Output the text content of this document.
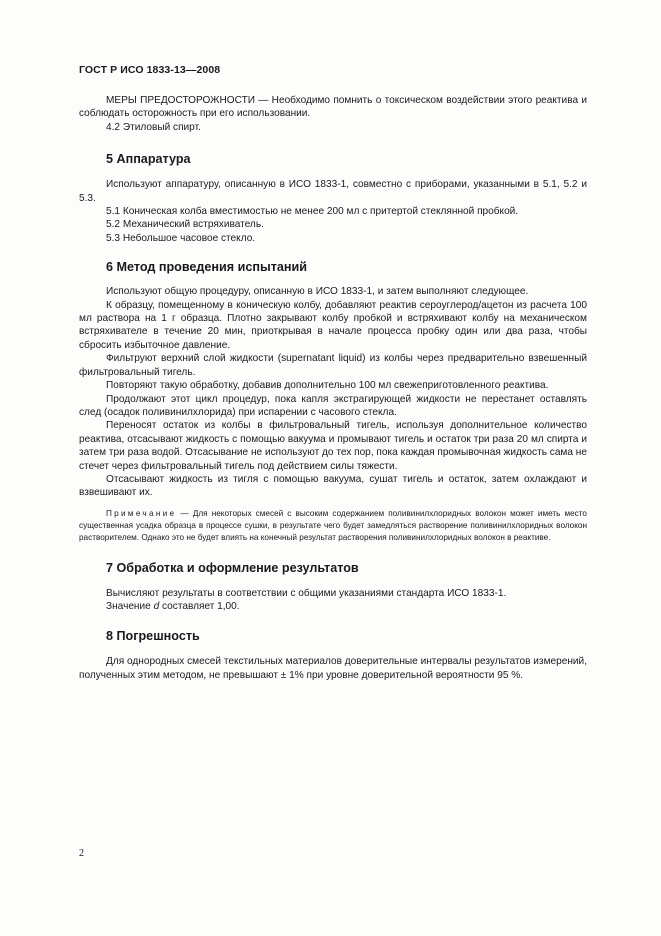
ГОСТ Р ИСО 1833-13—2008

МЕРЫ ПРЕДОСТОРОЖНОСТИ — Необходимо помнить о токсическом воздействии этого реактива и соблюдать осторожность при его использовании.

4.2 Этиловый спирт.

5 Аппаратура

Используют аппаратуру, описанную в ИСО 1833-1, совместно с приборами, указанными в 5.1, 5.2 и 5.3.

5.1 Коническая колба вместимостью не менее 200 мл с притертой стеклянной пробкой.

5.2 Механический встряхиватель.

5.3 Небольшое часовое стекло.

6 Метод проведения испытаний

Используют общую процедуру, описанную в ИСО 1833-1, и затем выполняют следующее.

К образцу, помещенному в коническую колбу, добавляют реактив сероуглерод/ацетон из расчета 100 мл раствора на 1 г образца. Плотно закрывают колбу пробкой и встряхивают колбу на механическом встряхивателе в течение 20 мин, приоткрывая в начале процесса пробку один или два раза, чтобы сбросить избыточное давление.

Фильтруют верхний слой жидкости (supernatant liquid) из колбы через предварительно взвешенный фильтровальный тигель.

Повторяют такую обработку, добавив дополнительно 100 мл свежеприготовленного реактива.

Продолжают этот цикл процедур, пока капля экстрагирующей жидкости не перестанет оставлять след (осадок поливинилхлорида) при испарении с часового стекла.

Переносят остаток из колбы в фильтровальный тигель, используя дополнительное количество реактива, отсасывают жидкость с помощью вакуума и промывают тигель и остаток три раза 20 мл спирта и затем три раза водой. Отсасывание не используют до тех пор, пока каждая промывочная жидкость сама не стечет через фильтровальный тигель под действием силы тяжести.

Отсасывают жидкость из тигля с помощью вакуума, сушат тигель и остаток, затем охлаждают и взвешивают их.

Примечание — Для некоторых смесей с высоким содержанием поливинилхлоридных волокон может иметь место существенная усадка образца в процессе сушки, в результате чего будет замедляться растворение поливинилхлоридных волокон растворителем. Однако это не будет влиять на конечный результат растворения поливинилхлоридных волокон в реактиве.

7 Обработка и оформление результатов

Вычисляют результаты в соответствии с общими указаниями стандарта ИСО 1833-1.

Значение d составляет 1,00.

8 Погрешность

Для однородных смесей текстильных материалов доверительные интервалы результатов измерений, полученных этим методом, не превышают ± 1% при уровне доверительной вероятности 95 %.

2
